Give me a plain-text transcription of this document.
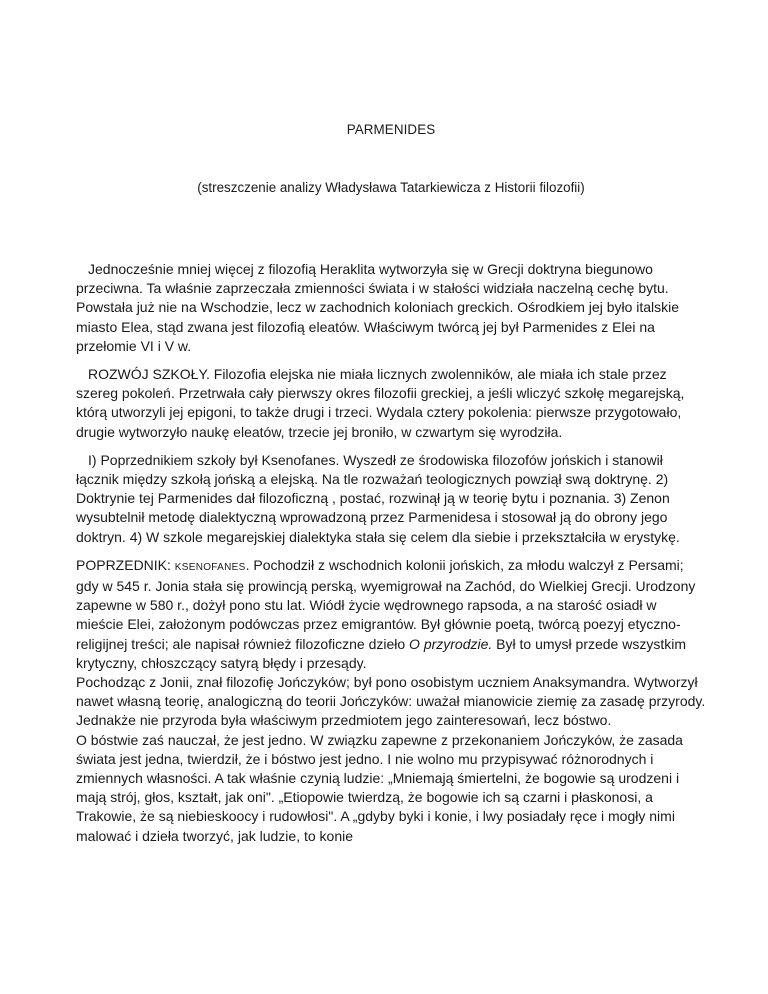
PARMENIDES
(streszczenie analizy Władysława Tatarkiewicza z Historii filozofii)

Jednocześnie mniej więcej z filozofią Heraklita wytworzyła się w Grecji doktryna biegunowo przeciwna. Ta właśnie zaprzeczała zmienności świata i w stałości widziała naczelną cechę bytu. Powstała już nie na Wschodzie, lecz w zachodnich koloniach greckich. Ośrodkiem jej było italskie miasto Elea, stąd zwana jest filozofią eleatów. Właściwym twórcą jej był Parmenides z Elei na przełomie VI i V w.

ROZWÓJ SZKOŁY. Filozofia elejska nie miała licznych zwolenników, ale miała ich stale przez szereg pokoleń. Przetrwała cały pierwszy okres filozofii greckiej, a jeśli wliczyć szkołę megarejską, którą utworzyli jej epigoni, to także drugi i trzeci. Wydala cztery pokolenia: pierwsze przygotowało, drugie wytworzyło naukę eleatów, trzecie jej broniło, w czwartym się wyrodziła.

I) Poprzednikiem szkoły był Ksenofanes. Wyszedł ze środowiska filozofów jońskich i stanowił łącznik między szkołą jońską a elejską. Na tle rozważań teologicznych powziął swą doktrynę. 2) Doktrynie tej Parmenides dał filozoficzną , postać, rozwinął ją w teorię bytu i poznania. 3) Zenon wysubtelnił metodę dialektyczną wprowadzoną przez Parmenidesa i stosował ją do obrony jego doktryn. 4) W szkole megarejskiej dialektyka stała się celem dla siebie i przekształciła w erystykę.

POPRZEDNIK: KSENOFANES. Pochodził z wschodnich kolonii jońskich, za młodu walczył z Persami; gdy w 545 r. Jonia stała się prowincją perską, wyemigrował na Zachód, do Wielkiej Grecji. Urodzony zapewne w 580 r., dożył pono stu lat. Wiódł życie wędrownego rapsoda, a na starość osiadł w mieście Elei, założonym podówczas przez emigrantów. Był głównie poetą, twórcą poezyj etyczno-religijnej treści; ale napisał również filozoficzne dzieło O przyrodzie. Był to umysł przede wszystkim krytyczny, chłoszczący satyrą błędy i przesądy.

Pochodząc z Jonii, znał filozofię Jończyków; był pono osobistym uczniem Anaksymandra. Wytworzył nawet własną teorię, analogiczną do teorii Jończyków: uważał mianowicie ziemię za zasadę przyrody. Jednakże nie przyroda była właściwym przedmiotem jego zainteresowań, lecz bóstwo.

O bóstwie zaś nauczał, że jest jedno. W związku zapewne z przekonaniem Jończyków, że zasada świata jest jedna, twierdził, że i bóstwo jest jedno. I nie wolno mu przypisywać różnorodnych i zmiennych własności. A tak właśnie czynią ludzie: „Mniemają śmiertelni, że bogowie są urodzeni i mają strój, głos, kształt, jak oni". „Etiopowie twierdzą, że bogowie ich są czarni i płaskonosi, a Trakowie, że są niebieskoocy i rudowłosi". A „gdyby byki i konie, i lwy posiadały ręce i mogły nimi malować i dzieła tworzyć, jak ludzie, to konie
